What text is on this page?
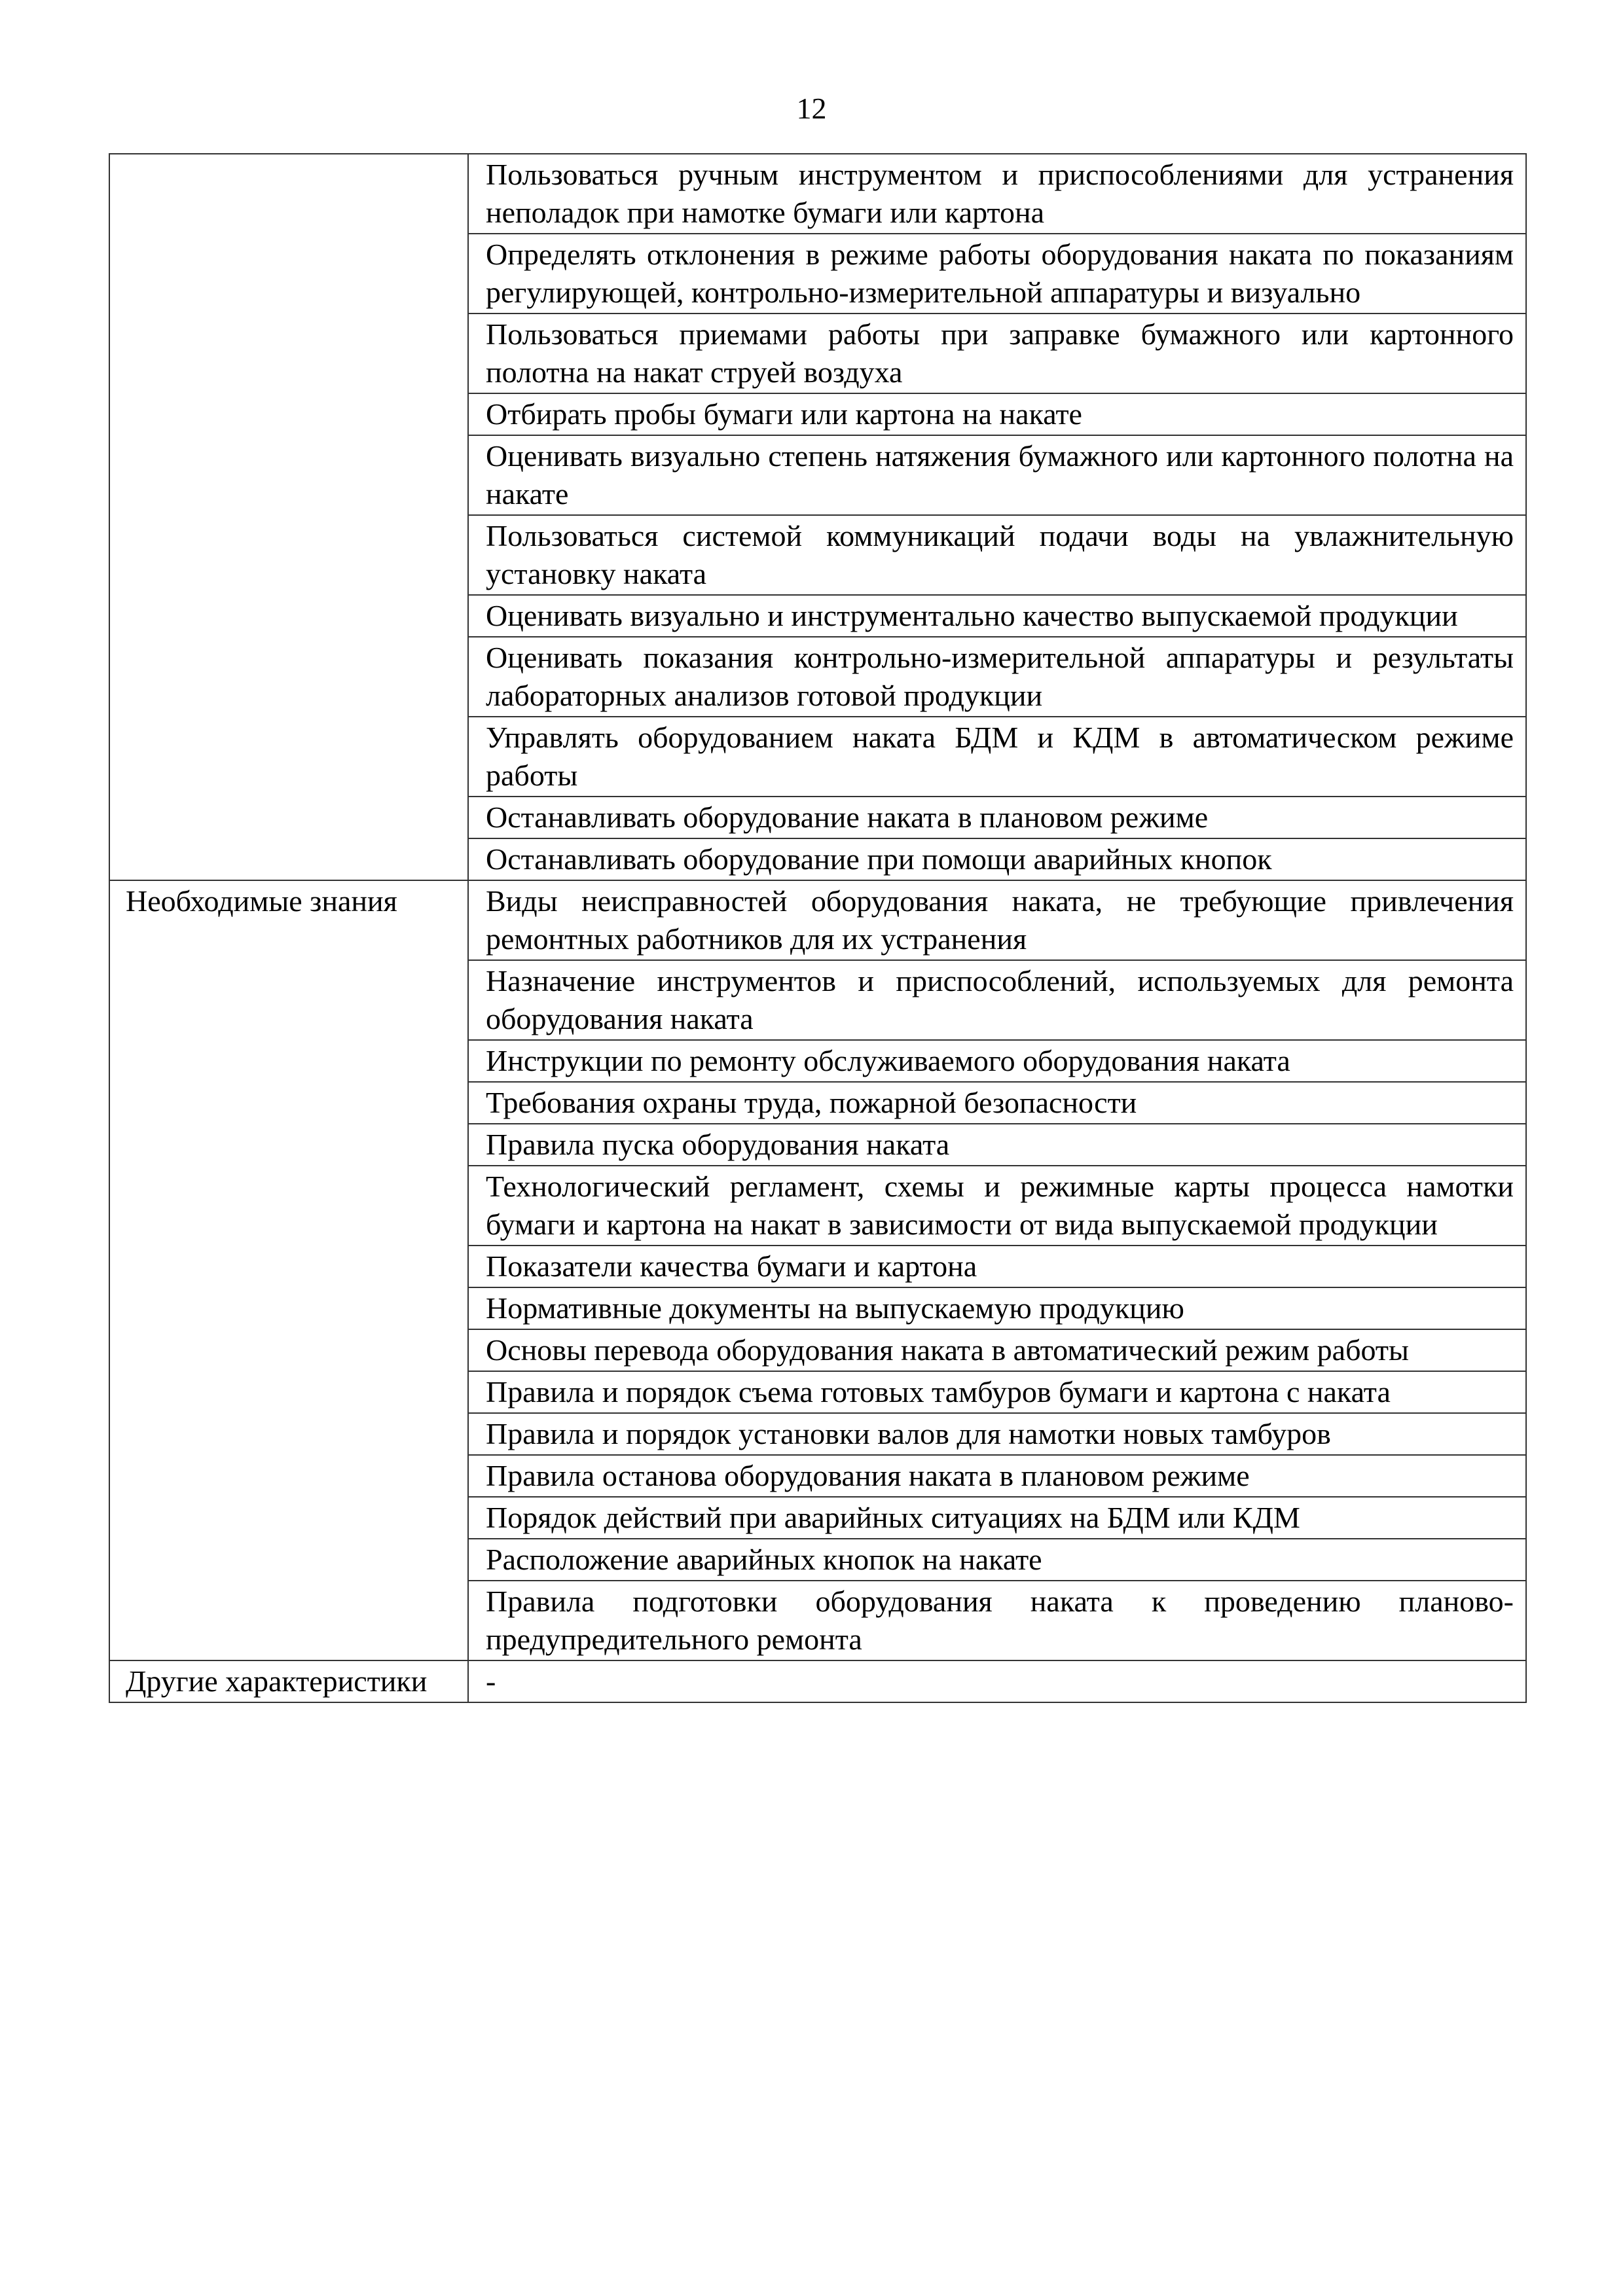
12
	Пользоваться ручным инструментом и приспособлениями для устранения неполадок при намотке бумаги или картона
	Определять отклонения в режиме работы оборудования наката по показаниям регулирующей, контрольно-измерительной аппаратуры и визуально
	Пользоваться приемами работы при заправке бумажного или картонного полотна на накат струей воздуха
	Отбирать пробы бумаги или картона на накате
	Оценивать визуально степень натяжения бумажного или картонного полотна на накате
	Пользоваться системой коммуникаций подачи воды на увлажнительную установку наката
	Оценивать визуально и инструментально качество выпускаемой продукции
	Оценивать показания контрольно-измерительной аппаратуры и результаты лабораторных анализов готовой продукции
	Управлять оборудованием наката БДМ и КДМ в автоматическом режиме работы
	Останавливать оборудование наката в плановом режиме
	Останавливать оборудование при помощи аварийных кнопок
Необходимые знания	Виды неисправностей оборудования наката, не требующие привлечения ремонтных работников для их устранения
	Назначение инструментов и приспособлений, используемых для ремонта оборудования наката
	Инструкции по ремонту обслуживаемого оборудования наката
	Требования охраны труда, пожарной безопасности
	Правила пуска оборудования наката
	Технологический регламент, схемы и режимные карты процесса намотки бумаги и картона на накат в зависимости от вида выпускаемой продукции
	Показатели качества бумаги и картона
	Нормативные документы на выпускаемую продукцию
	Основы перевода оборудования наката в автоматический режим работы
	Правила и порядок съема готовых тамбуров бумаги и картона с наката
	Правила и порядок установки валов для намотки новых тамбуров
	Правила останова оборудования наката в плановом режиме
	Порядок действий при аварийных ситуациях на БДМ или КДМ
	Расположение аварийных кнопок на накате
	Правила подготовки оборудования наката к проведению планово-предупредительного ремонта
Другие характеристики	-
